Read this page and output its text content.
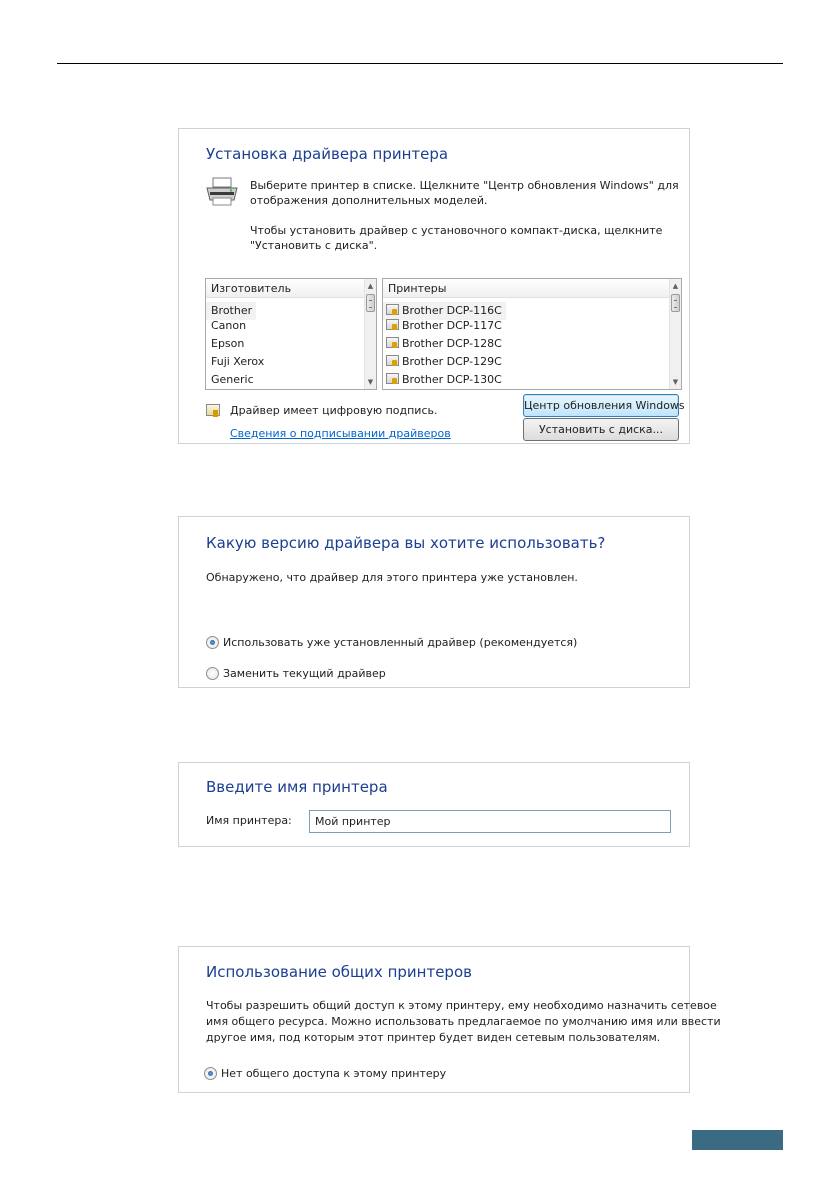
Установка драйвера принтера
Выберите принтер в списке. Щелкните "Центр обновления Windows" для
отображения дополнительных моделей.
Чтобы установить драйвер с установочного компакт-диска, щелкните
"Установить с диска".
Изготовитель
Brother
Canon
Epson
Fuji Xerox
Generic
▲
▼
Принтеры
Brother DCP-116C
Brother DCP-117C
Brother DCP-128C
Brother DCP-129C
Brother DCP-130C
▲
▼
Драйвер имеет цифровую подпись.
Сведения о подписывании драйверов
Центр обновления Windows
Установить с диска...
Какую версию драйвера вы хотите использовать?
Обнаружено, что драйвер для этого принтера уже установлен.
Использовать уже установленный драйвер (рекомендуется)
Заменить текущий драйвер
Введите имя принтера
Имя принтера:
Мой принтер
Использование общих принтеров
Чтобы разрешить общий доступ к этому принтеру, ему необходимо назначить сетевое
имя общего ресурса. Можно использовать предлагаемое по умолчанию имя или ввести
другое имя, под которым этот принтер будет виден сетевым пользователям.
Нет общего доступа к этому принтеру
